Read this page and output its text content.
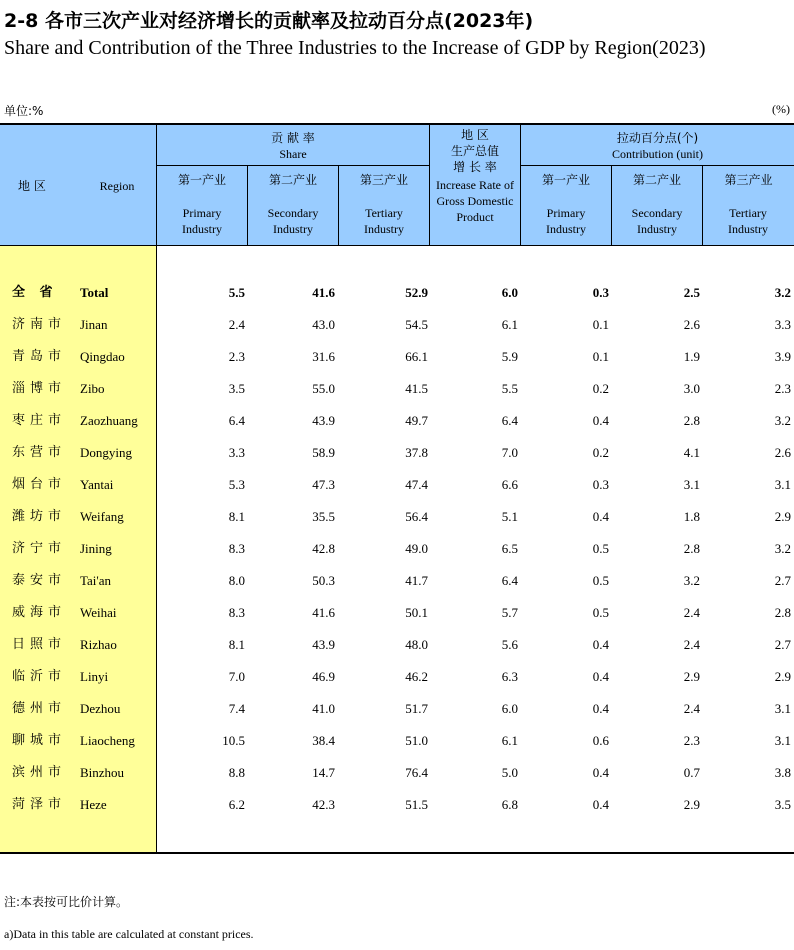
2-8 各市三次产业对经济增长的贡献率及拉动百分点(2023年)
Share and Contribution of the Three Industries to the Increase of GDP by Region(2023)
单位:%	(%)
地 区	Region
贡 献 率
Share
地 区
生产总值
增 长 率
Increase Rate of Gross Domestic Product
拉动百分点(个)
Contribution (unit)
第一产业
Primary Industry
第二产业
Secondary Industry
第三产业
Tertiary Industry
第一产业
Primary Industry
第二产业
Secondary Industry
第三产业
Tertiary Industry
全 省 Total	5.5	41.6	52.9	6.0	0.3	2.5	3.2
济南市 Jinan	2.4	43.0	54.5	6.1	0.1	2.6	3.3
青岛市 Qingdao	2.3	31.6	66.1	5.9	0.1	1.9	3.9
淄博市 Zibo	3.5	55.0	41.5	5.5	0.2	3.0	2.3
枣庄市 Zaozhuang	6.4	43.9	49.7	6.4	0.4	2.8	3.2
东营市 Dongying	3.3	58.9	37.8	7.0	0.2	4.1	2.6
烟台市 Yantai	5.3	47.3	47.4	6.6	0.3	3.1	3.1
潍坊市 Weifang	8.1	35.5	56.4	5.1	0.4	1.8	2.9
济宁市 Jining	8.3	42.8	49.0	6.5	0.5	2.8	3.2
泰安市 Tai'an	8.0	50.3	41.7	6.4	0.5	3.2	2.7
威海市 Weihai	8.3	41.6	50.1	5.7	0.5	2.4	2.8
日照市 Rizhao	8.1	43.9	48.0	5.6	0.4	2.4	2.7
临沂市 Linyi	7.0	46.9	46.2	6.3	0.4	2.9	2.9
德州市 Dezhou	7.4	41.0	51.7	6.0	0.4	2.4	3.1
聊城市 Liaocheng	10.5	38.4	51.0	6.1	0.6	2.3	3.1
滨州市 Binzhou	8.8	14.7	76.4	5.0	0.4	0.7	3.8
菏泽市 Heze	6.2	42.3	51.5	6.8	0.4	2.9	3.5
注:本表按可比价计算。
a)Data in this table are calculated at constant prices.
